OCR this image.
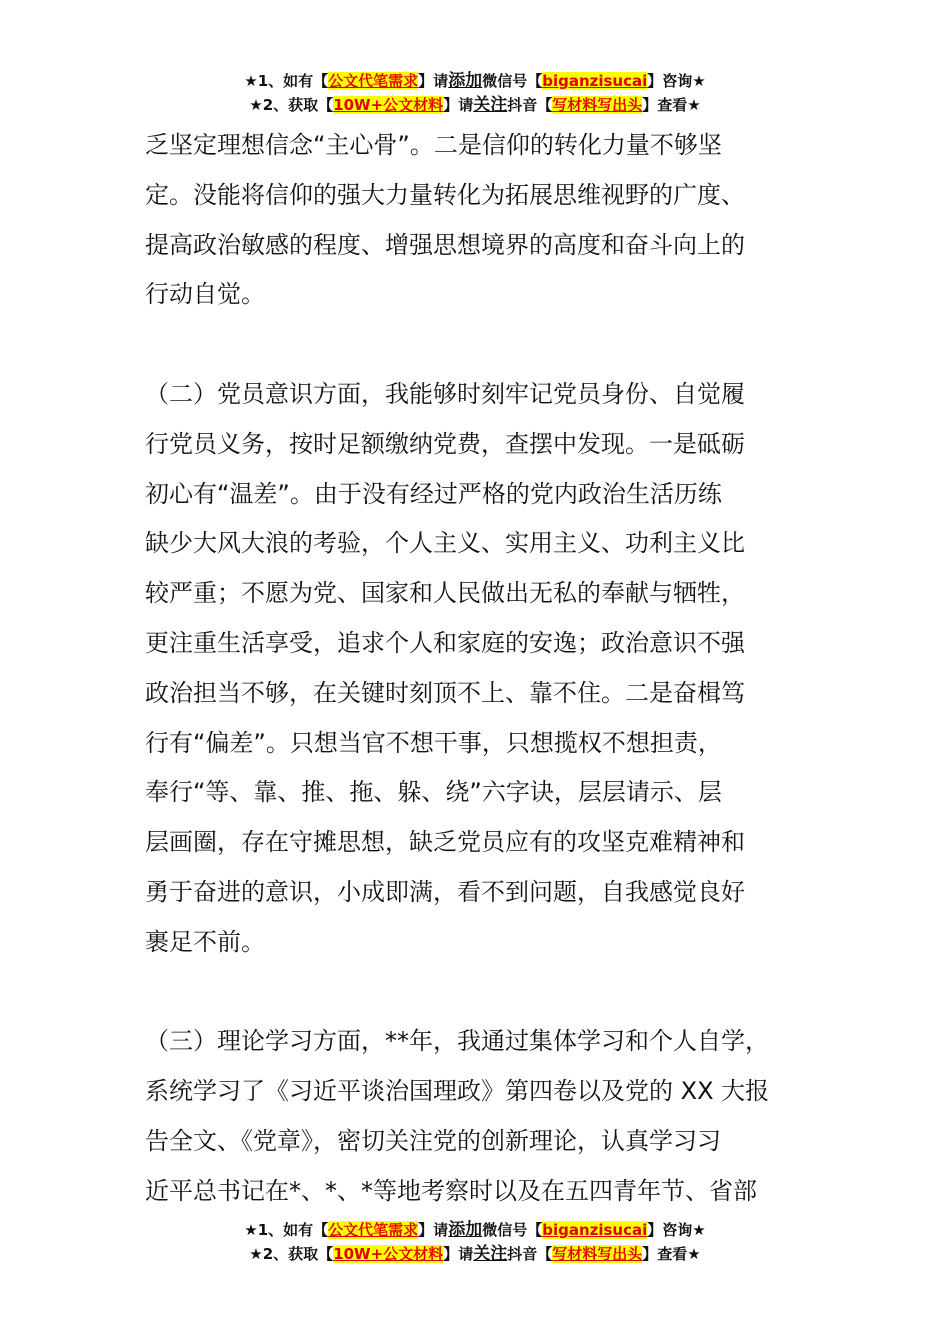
★1、如有【公文代笔需求】请添加微信号【biganzisucai】咨询★
★2、获取【10W+公文材料】请关注抖音【写材料写出头】查看★
乏坚定理想信念“主心骨”。二是信仰的转化力量不够坚
定。没能将信仰的强大力量转化为拓展思维视野的广度、
提高政治敏感的程度、增强思想境界的高度和奋斗向上的
行动自觉。
（二）党员意识方面，我能够时刻牢记党员身份、自觉履
行党员义务，按时足额缴纳党费，查摆中发现。一是砥砺
初心有“温差”。由于没有经过严格的党内政治生活历练
缺少大风大浪的考验，个人主义、实用主义、功利主义比
较严重；不愿为党、国家和人民做出无私的奉献与牺牲，
更注重生活享受，追求个人和家庭的安逸；政治意识不强
政治担当不够，在关键时刻顶不上、靠不住。二是奋楫笃
行有“偏差”。只想当官不想干事，只想揽权不想担责，
奉行“等、靠、推、拖、躲、绕”六字诀，层层请示、层
层画圈，存在守摊思想，缺乏党员应有的攻坚克难精神和
勇于奋进的意识，小成即满，看不到问题，自我感觉良好
裹足不前。
（三）理论学习方面，**年，我通过集体学习和个人自学，
系统学习了《习近平谈治国理政》第四卷以及党的 XX 大报
告全文、《党章》，密切关注党的创新理论，认真学习习
近平总书记在*、*、*等地考察时以及在五四青年节、省部
★1、如有【公文代笔需求】请添加微信号【biganzisucai】咨询★
★2、获取【10W+公文材料】请关注抖音【写材料写出头】查看★
